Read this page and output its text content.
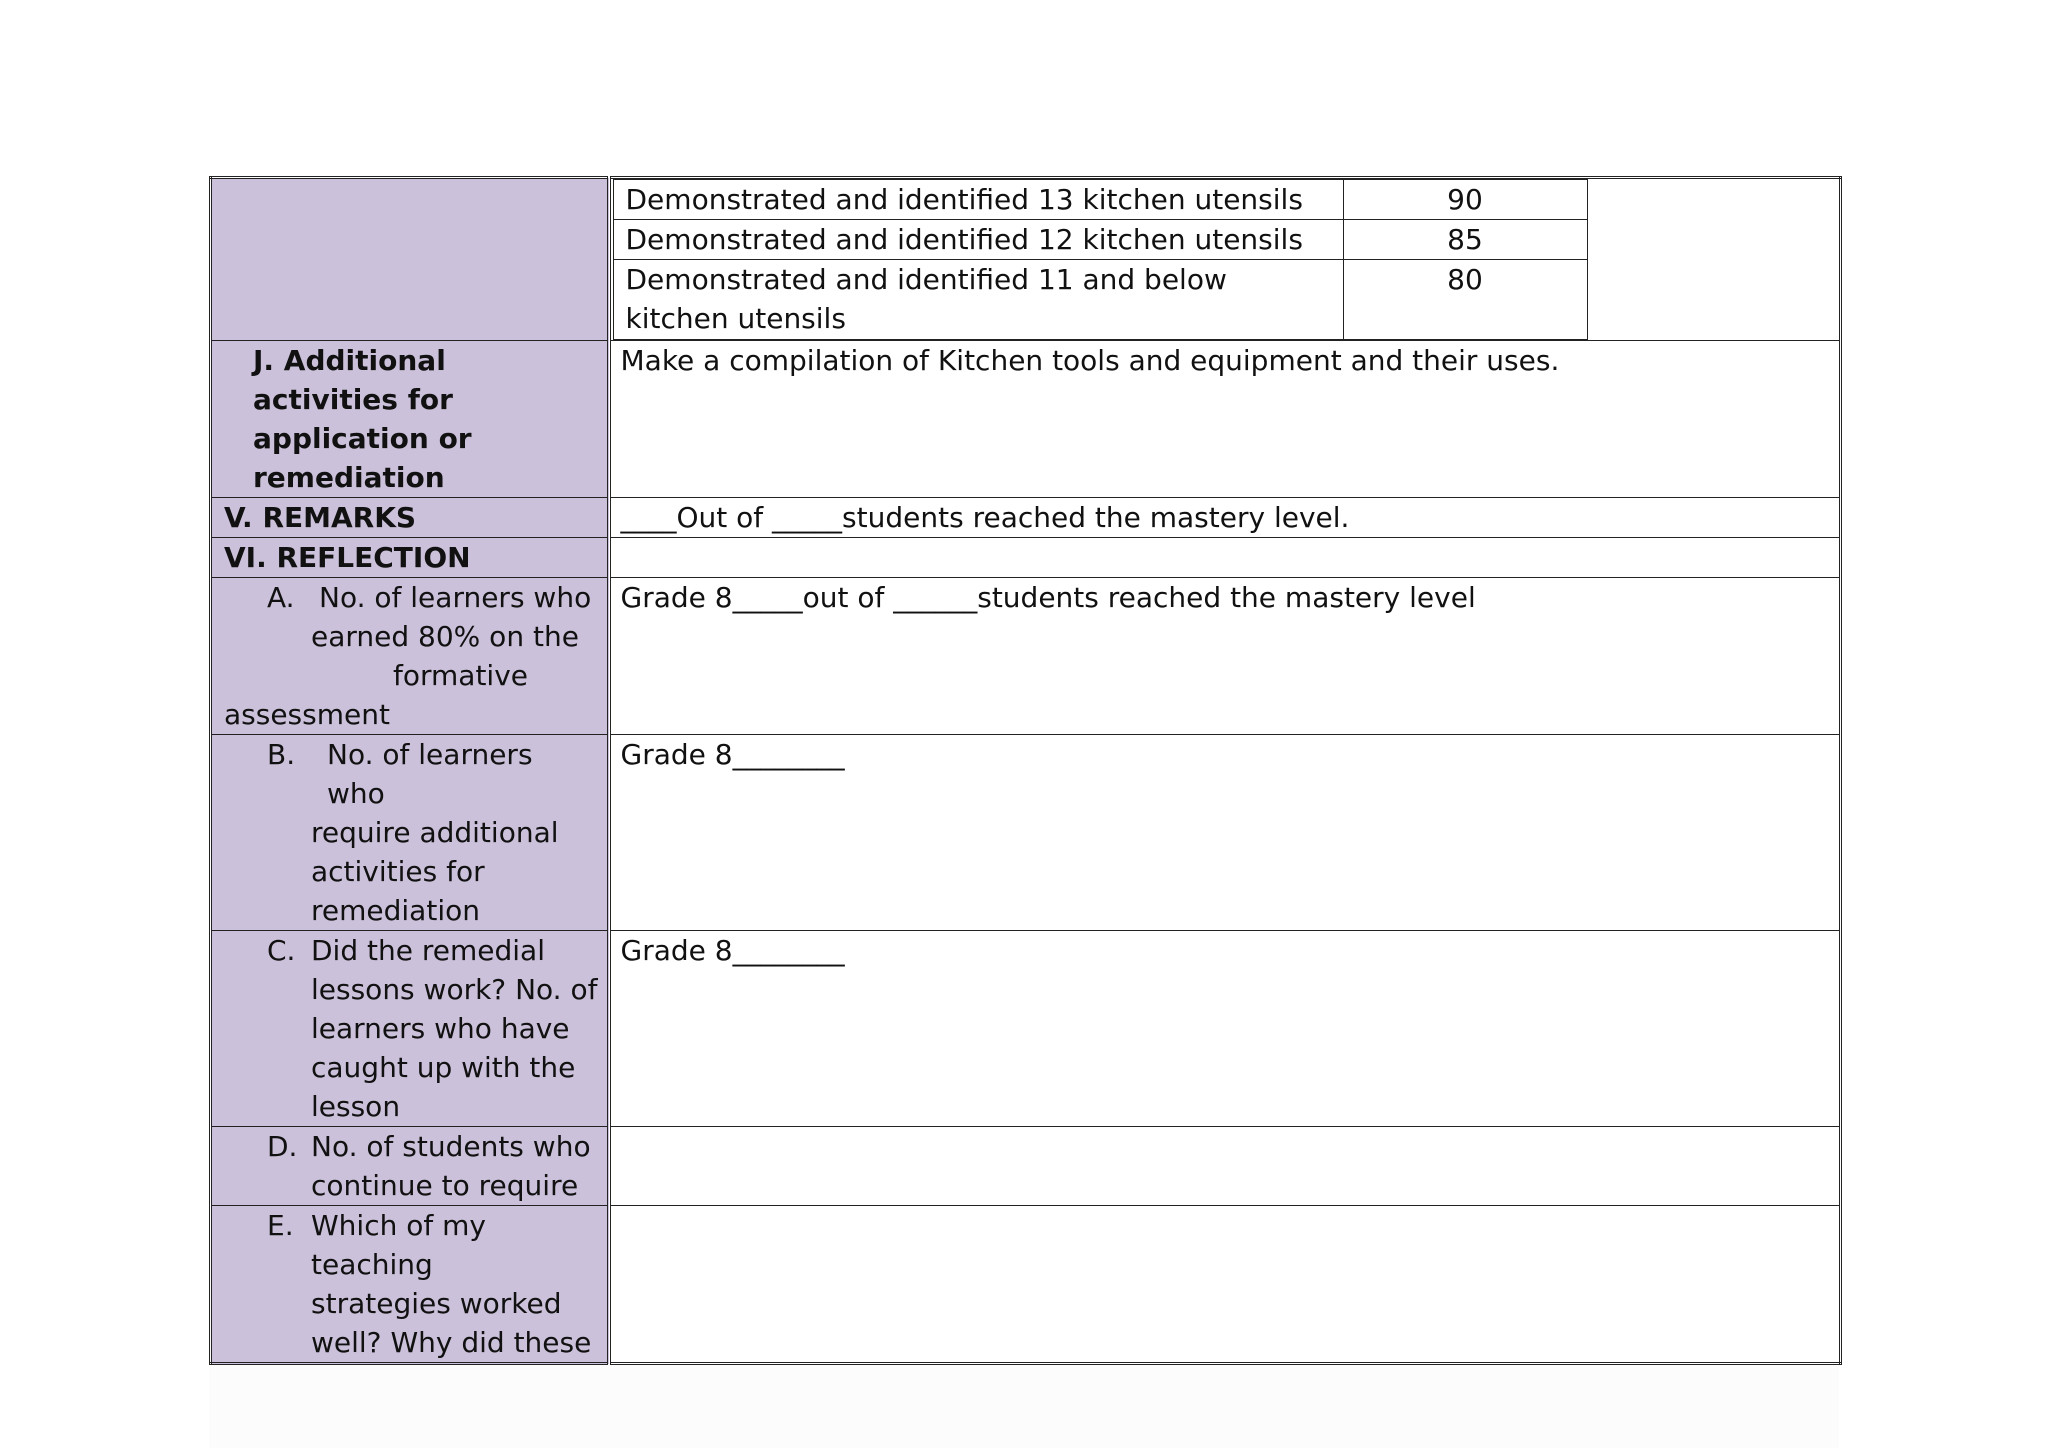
Demonstrated and identified 13 kitchen utensils	90
Demonstrated and identified 12 kitchen utensils	85
Demonstrated and identified 11 and below kitchen utensils	80

J. Additional activities for application or remediation
	Make a compilation of Kitchen tools and equipment and their uses.

V. REMARKS	____Out of _____students reached the mastery level.

VI. REFLECTION

A. No. of learners who
earned 80% on the
formative
assessment
	Grade 8_____out of ______students reached the mastery level

B. No. of learners who
require additional
activities for
remediation
	Grade 8________

C. Did the remedial
lessons work? No. of
learners who have
caught up with the
lesson
	Grade 8________

D. No. of students who
continue to require

E. Which of my teaching
strategies worked
well? Why did these
